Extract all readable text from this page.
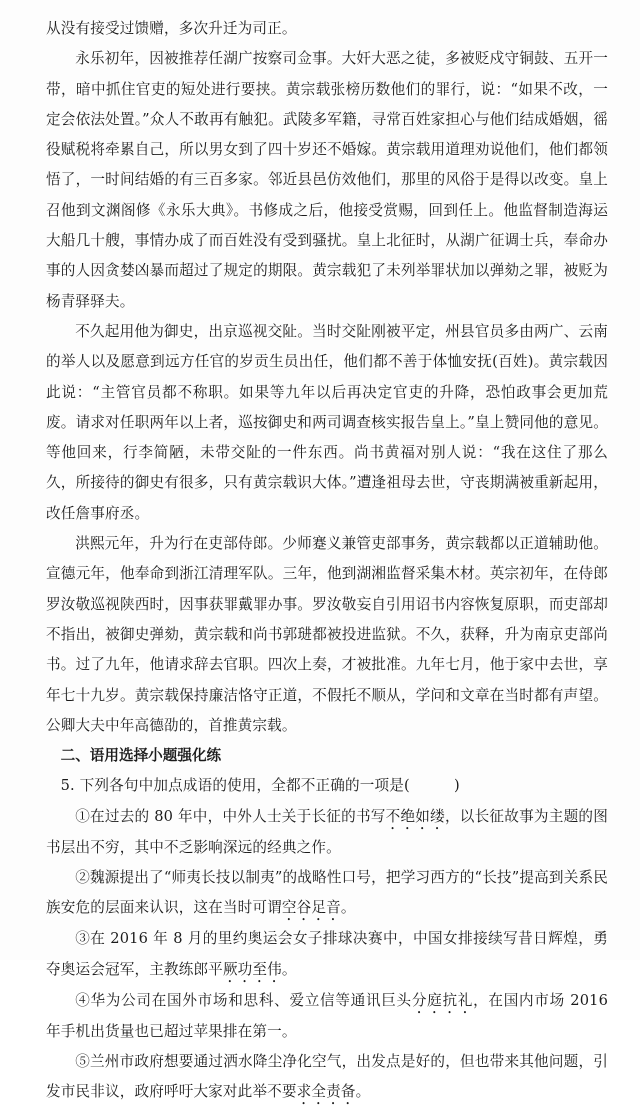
从没有接受过馈赠，多次升迁为司正。

永乐初年，因被推荐任湖广按察司佥事。大奸大恶之徒，多被贬戍守铜鼓、五开一带，暗中抓住官吏的短处进行要挟。黄宗载张榜历数他们的罪行，说：“如果不改，一定会依法处置。”众人不敢再有触犯。武陵多军籍，寻常百姓家担心与他们结成婚姻，徭役赋税将牵累自己，所以男女到了四十岁还不婚嫁。黄宗载用道理劝说他们，他们都领悟了，一时间结婚的有三百多家。邻近县邑仿效他们，那里的风俗于是得以改变。皇上召他到文渊阁修《永乐大典》。书修成之后，他接受赏赐，回到任上。他监督制造海运大船几十艘，事情办成了而百姓没有受到骚扰。皇上北征时，从湖广征调士兵，奉命办事的人因贪婪凶暴而超过了规定的期限。黄宗载犯了未列举罪状加以弹劾之罪，被贬为杨青驿驿夫。

不久起用他为御史，出京巡视交阯。当时交阯刚被平定，州县官员多由两广、云南的举人以及愿意到远方任官的岁贡生员出任，他们都不善于体恤安抚(百姓)。黄宗载因此说：“主管官员都不称职。如果等九年以后再决定官吏的升降，恐怕政事会更加荒废。请求对任职两年以上者，巡按御史和两司调查核实报告皇上。”皇上赞同他的意见。等他回来，行李简陋，未带交阯的一件东西。尚书黄福对别人说：“我在这住了那么久，所接待的御史有很多，只有黄宗载识大体。”遭逢祖母去世，守丧期满被重新起用，改任詹事府丞。

洪熙元年，升为行在吏部侍郎。少师蹇义兼管吏部事务，黄宗载都以正道辅助他。宣德元年，他奉命到浙江清理军队。三年，他到湖湘监督采集木材。英宗初年，在侍郎罗汝敬巡视陕西时，因事获罪戴罪办事。罗汝敬妄自引用诏书内容恢复原职，而吏部却不指出，被御史弹劾，黄宗载和尚书郭琎都被投进监狱。不久，获释，升为南京吏部尚书。过了九年，他请求辞去官职。四次上奏，才被批准。九年七月，他于家中去世，享年七十九岁。黄宗载保持廉洁恪守正道，不假托不顺从，学问和文章在当时都有声望。公卿大夫中年高德劭的，首推黄宗载。

二、语用选择小题强化练

5. 下列各句中加点成语的使用，全都不正确的一项是(　　	)

①在过去的 80 年中，中外人士关于长征的书写不绝如缕，以长征故事为主题的图书层出不穷，其中不乏影响深远的经典之作。

②魏源提出了“师夷长技以制夷”的战略性口号，把学习西方的“长技”提高到关系民族安危的层面来认识，这在当时可谓空谷足音。

③在 2016 年 8 月的里约奥运会女子排球决赛中，中国女排接续写昔日辉煌，勇夺奥运会冠军，主教练郎平厥功至伟。

④华为公司在国外市场和思科、爱立信等通讯巨头分庭抗礼，在国内市场 2016 年手机出货量也已超过苹果排在第一。

⑤兰州市政府想要通过洒水降尘净化空气，出发点是好的，但也带来其他问题，引发市民非议，政府呼吁大家对此举不要求全责备。
